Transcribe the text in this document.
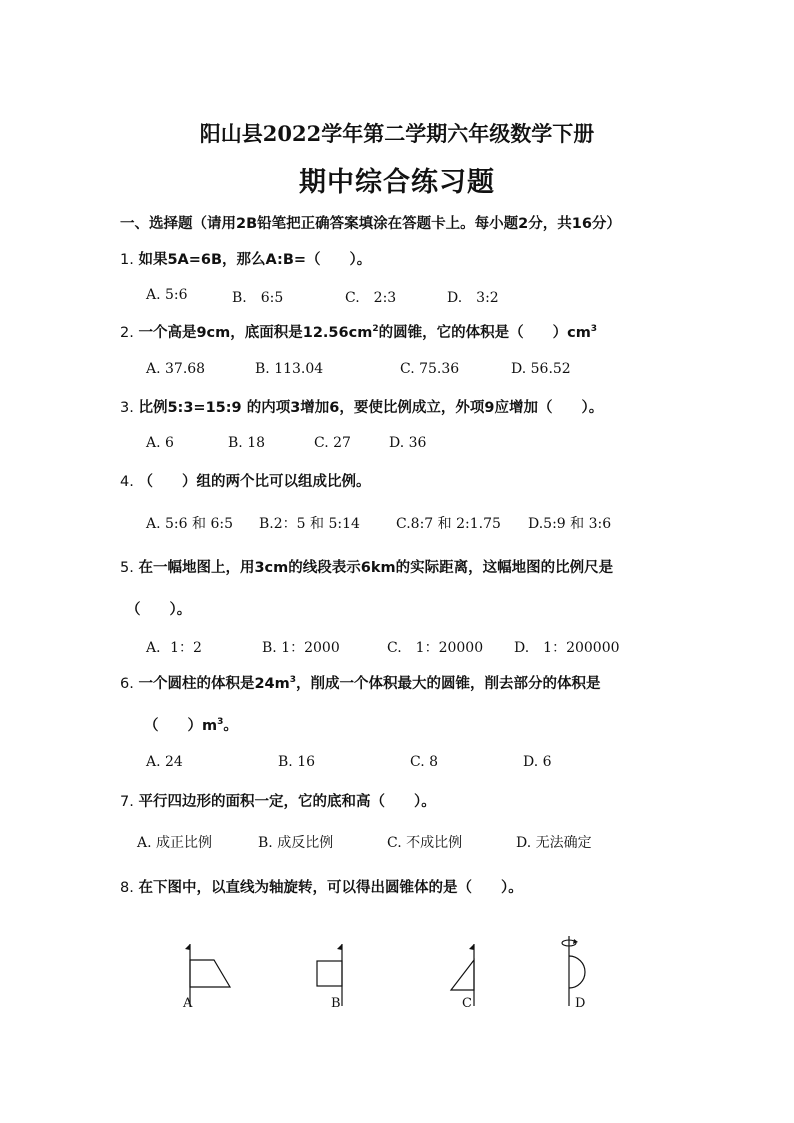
阳山县2022学年第二学期六年级数学下册
期中综合练习题
一、选择题（请用2B铅笔把正确答案填涂在答题卡上。每小题2分，共16分）
1. 如果5A=6B，那么A:B=（　　）。
A. 5:6	B.　6:5	C.　2:3	D.　3:2
2. 一个高是9cm，底面积是$12.56cm^2$的圆锥，它的体积是（　　）$cm^3$
A. 37.68	B. 113.04	C. 75.36	D. 56.52
3. 比例5:3=15:9 的内项3增加6，要使比例成立，外项9应增加（　　）。
A. 6	B. 18	C. 27	D. 36
4. （　　）组的两个比可以组成比例。
A. 5:6 和 6:5 B.2：5 和 5:14	C.8:7 和 2:1.75 D.5:9 和 3:6
5. 在一幅地图上，用3cm的线段表示6km的实际距离，这幅地图的比例尺是
（　　）。
A．1：2	B. 1：2000	C.　1：20000 D.　1：200000
6. 一个圆柱的体积是$24m^3$，削成一个体积最大的圆锥，削去部分的体积是
（　　）$m^3$。
A. 24	B. 16	C. 8	D. 6
7. 平行四边形的面积一定，它的底和高（　　）。
A. 成正比例	B. 成反比例	C. 不成比例	D. 无法确定
8. 在下图中，以直线为轴旋转，可以得出圆锥体的是（　　）。
A	B	C	D
